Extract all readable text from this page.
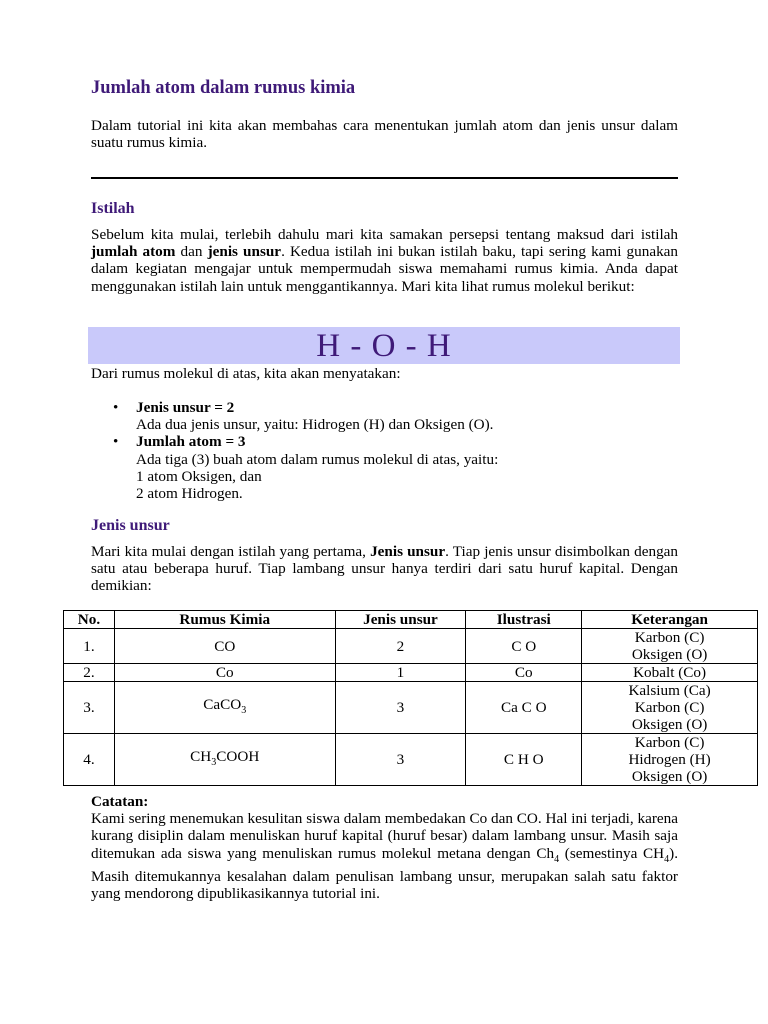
Jumlah atom dalam rumus kimia

Dalam tutorial ini kita akan membahas cara menentukan jumlah atom dan jenis unsur dalam suatu rumus kimia.

Istilah

Sebelum kita mulai, terlebih dahulu mari kita samakan persepsi tentang maksud dari istilah jumlah atom dan jenis unsur. Kedua istilah ini bukan istilah baku, tapi sering kami gunakan dalam kegiatan mengajar untuk mempermudah siswa memahami rumus kimia. Anda dapat menggunakan istilah lain untuk menggantikannya. Mari kita lihat rumus molekul berikut:

H - O - H

Dari rumus molekul di atas, kita akan menyatakan:

• Jenis unsur = 2
Ada dua jenis unsur, yaitu: Hidrogen (H) dan Oksigen (O).
• Jumlah atom = 3
Ada tiga (3) buah atom dalam rumus molekul di atas, yaitu:
1 atom Oksigen, dan
2 atom Hidrogen.
Jenis unsur

Mari kita mulai dengan istilah yang pertama, Jenis unsur. Tiap jenis unsur disimbolkan dengan satu atau beberapa huruf. Tiap lambang unsur hanya terdiri dari satu huruf kapital. Dengan demikian:

Catatan:
Kami sering menemukan kesulitan siswa dalam membedakan Co dan CO. Hal ini terjadi, karena kurang disiplin dalam menuliskan huruf kapital (huruf besar) dalam lambang unsur. Masih saja ditemukan ada siswa yang menuliskan rumus molekul metana dengan $Ch_4$ (semestinya $CH_4$). Masih ditemukannya kesalahan dalam penulisan lambang unsur, merupakan salah satu faktor yang mendorong dipublikasikannya tutorial ini.

No.	Rumus Kimia	Jenis unsur	Ilustrasi	Keterangan
1.	CO	2	C O	Karbon (C)
Oksigen (O)

2.	Co	1	Co	Kobalt (Co)

3.	CaCO$_3$	3	Ca C O	Kalsium (Ca)
Karbon (C)
Oksigen (O)

4.	$CH_3COOH$	3	C H O	Karbon (C)
Hidrogen (H)
Oksigen (O)
